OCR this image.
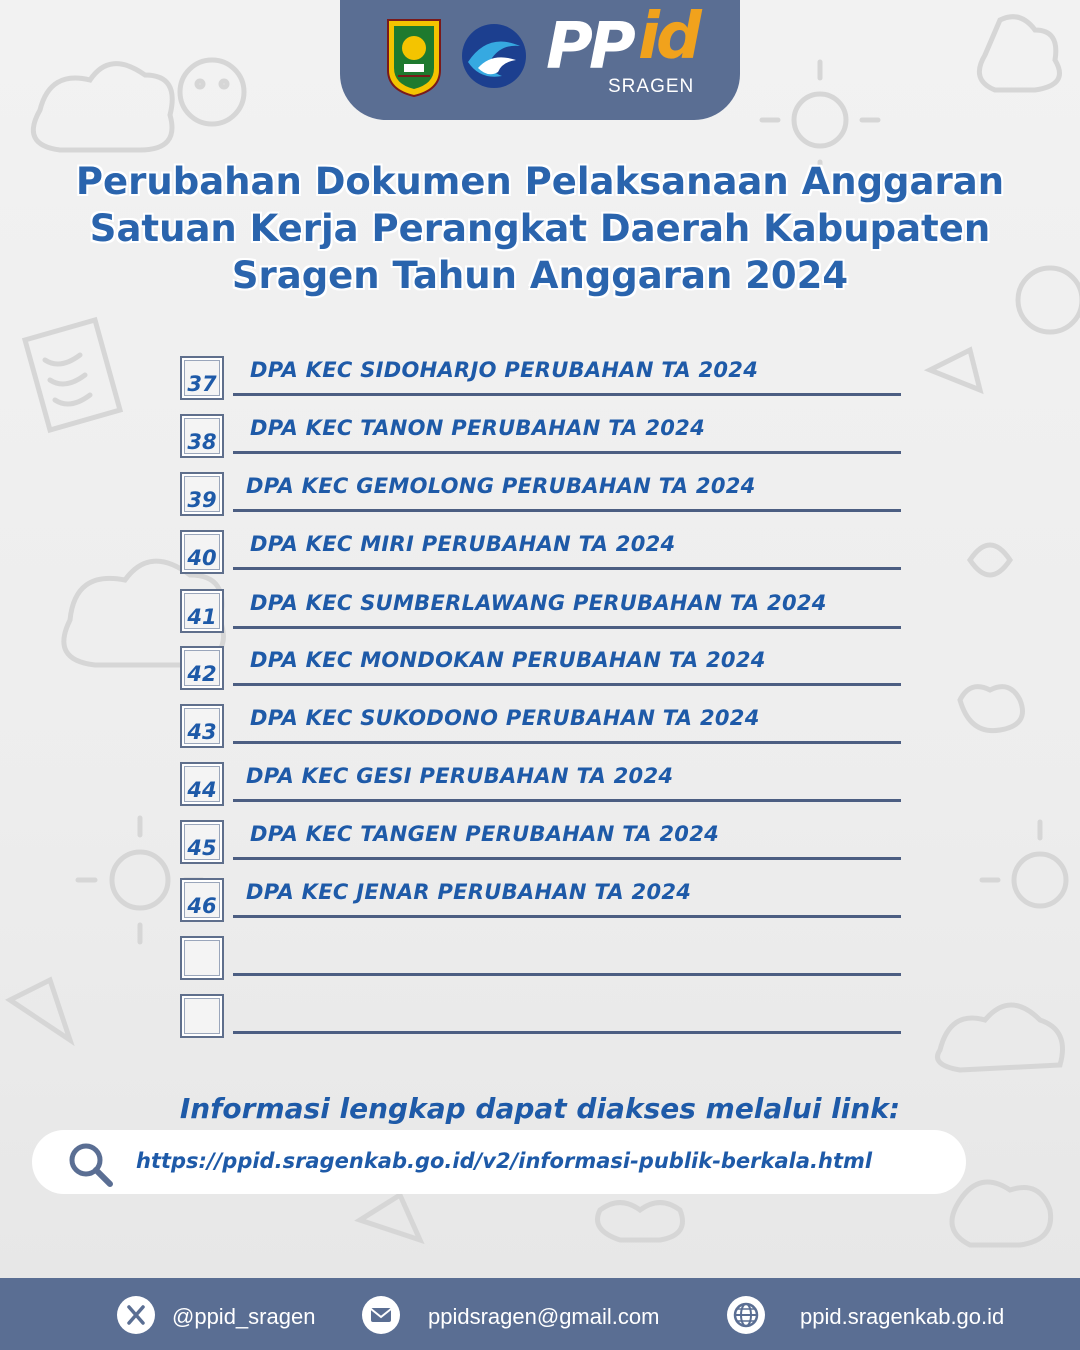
PP id
SRAGEN
Perubahan Dokumen Pelaksanaan Anggaran
Satuan Kerja Perangkat Daerah Kabupaten
Sragen Tahun Anggaran 2024
37
DPA KEC SIDOHARJO PERUBAHAN TA 2024
38
DPA KEC TANON PERUBAHAN TA 2024
39
DPA KEC GEMOLONG PERUBAHAN TA 2024
40
DPA KEC MIRI PERUBAHAN TA 2024
41
DPA KEC SUMBERLAWANG PERUBAHAN TA 2024
42
DPA KEC MONDOKAN PERUBAHAN TA 2024
43
DPA KEC SUKODONO PERUBAHAN TA 2024
44
DPA KEC GESI PERUBAHAN TA 2024
45
DPA KEC TANGEN PERUBAHAN TA 2024
46
DPA KEC JENAR PERUBAHAN TA 2024
Informasi lengkap dapat diakses melalui link:
https://ppid.sragenkab.go.id/v2/informasi-publik-berkala.html
@ppid_sragen	ppidsragen@gmail.com	ppid.sragenkab.go.id
